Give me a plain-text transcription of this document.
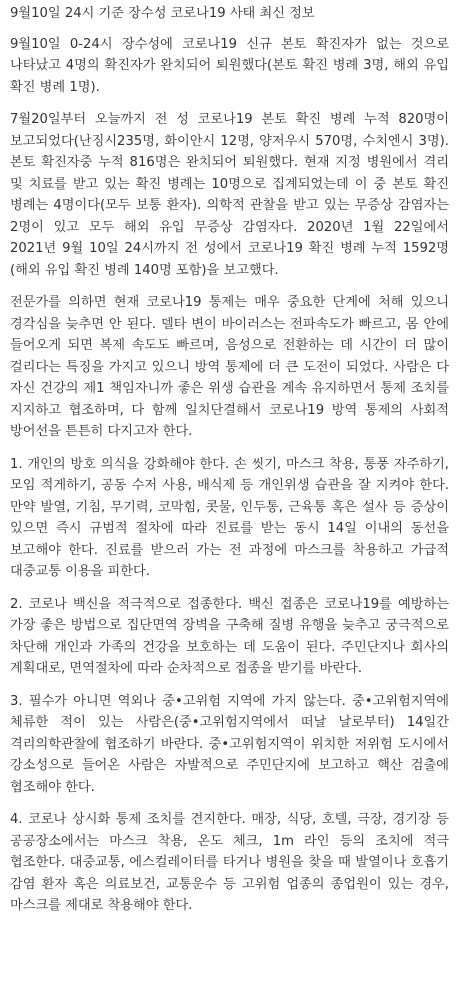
9월10일 24시 기준 장수성 코로나19 사태 최신 정보

9월10일 0-24시 장수성에 코로나19 신규 본토 확진자가 없는 것으로 나타났고 4명의 확진자가 완치되어 퇴원했다(본토 확진 병례 3명, 해외 유입 확진 병례 1명).

7월20일부터 오늘까지 전 성 코로나19 본토 확진 병례 누적 820명이 보고되었다(난징시235명, 화이안시 12명, 양저우시 570명, 수치엔시 3명). 본토 확진자중 누적 816명은 완치되어 퇴원했다. 현재 지정 병원에서 격리 및 치료를 받고 있는 확진 병례는 10명으로 집계되었는데 이 중 본토 확진 병례는 4명이다(모두 보통 환자). 의학적 관찰을 받고 있는 무증상 감염자는 2명이 있고 모두 해외 유입 무증상 감염자다. 2020년 1월 22일에서 2021년 9월 10일 24시까지 전 성에서 코로나19 확진 병례 누적 1592명(해외 유입 확진 병례 140명 포함)을 보고했다.

전문가를 의하면 현재 코로나19 통제는 매우 중요한 단계에 처해 있으니 경각심을 늦추면 안 된다. 델타 변이 바이러스는 전파속도가 빠르고, 몸 안에 들어오게 되면 복제 속도도 빠르며, 음성으로 전환하는 데 시간이 더 많이 걸리다는 특징을 가지고 있으니 방역 통제에 더 큰 도전이 되었다. 사람은 다 자신 건강의 제1 책임자니까 좋은 위생 습관을 계속 유지하면서 통제 조치를 지지하고 협조하며, 다 함께 일치단결해서 코로나19 방역 통제의 사회적 방어선을 튼튼히 다지고자 한다.

1. 개인의 방호 의식을 강화해야 한다. 손 씻기, 마스크 착용, 통풍 자주하기, 모임 적게하기, 공동 수저 사용, 배식제 등 개인위생 습관을 잘 지켜야 한다. 만약 발열, 기침, 무기력, 코막힘, 콧물, 인두통, 근육통 혹은 설사 등 증상이 있으면 즉시 규범적 절차에 따라 진료를 받는 동시 14일 이내의 동선을 보고해야 한다. 진료를 받으러 가는 전 과정에 마스크를 착용하고 가급적 대중교통 이용을 피한다.

2. 코로나 백신을 적극적으로 접종한다. 백신 접종은 코로나19를 예방하는 가장 좋은 방법으로 집단면역 장벽을 구축해 질병 유행을 늦추고 궁극적으로 차단해 개인과 가족의 건강을 보호하는 데 도움이 된다. 주민단지나 회사의 계획대로, 면역절차에 따라 순차적으로 접종을 받기를 바란다.

3. 필수가 아니면 역외나 중•고위험 지역에 가지 않는다. 중•고위험지역에 체류한 적이 있는 사람은(중•고위험지역에서 떠날 날로부터) 14일간 격리의학관찰에 협조하기 바란다. 중•고위험지역이 위치한 저위험 도시에서 강소성으로 들어온 사람은 자발적으로 주민단지에 보고하고 핵산 검출에 협조해야 한다.

4. 코로나 상시화 통제 조치를 견지한다. 매장, 식당, 호텔, 극장, 경기장 등 공공장소에서는 마스크 착용, 온도 체크, 1m 라인 등의 조치에 적극 협조한다. 대중교통, 에스컬레이터를 타거나 병원을 찾을 때 발열이나 호흡기 감염 환자 혹은 의료보건, 교통운수 등 고위험 업종의 종업원이 있는 경우, 마스크를 제대로 착용해야 한다.
